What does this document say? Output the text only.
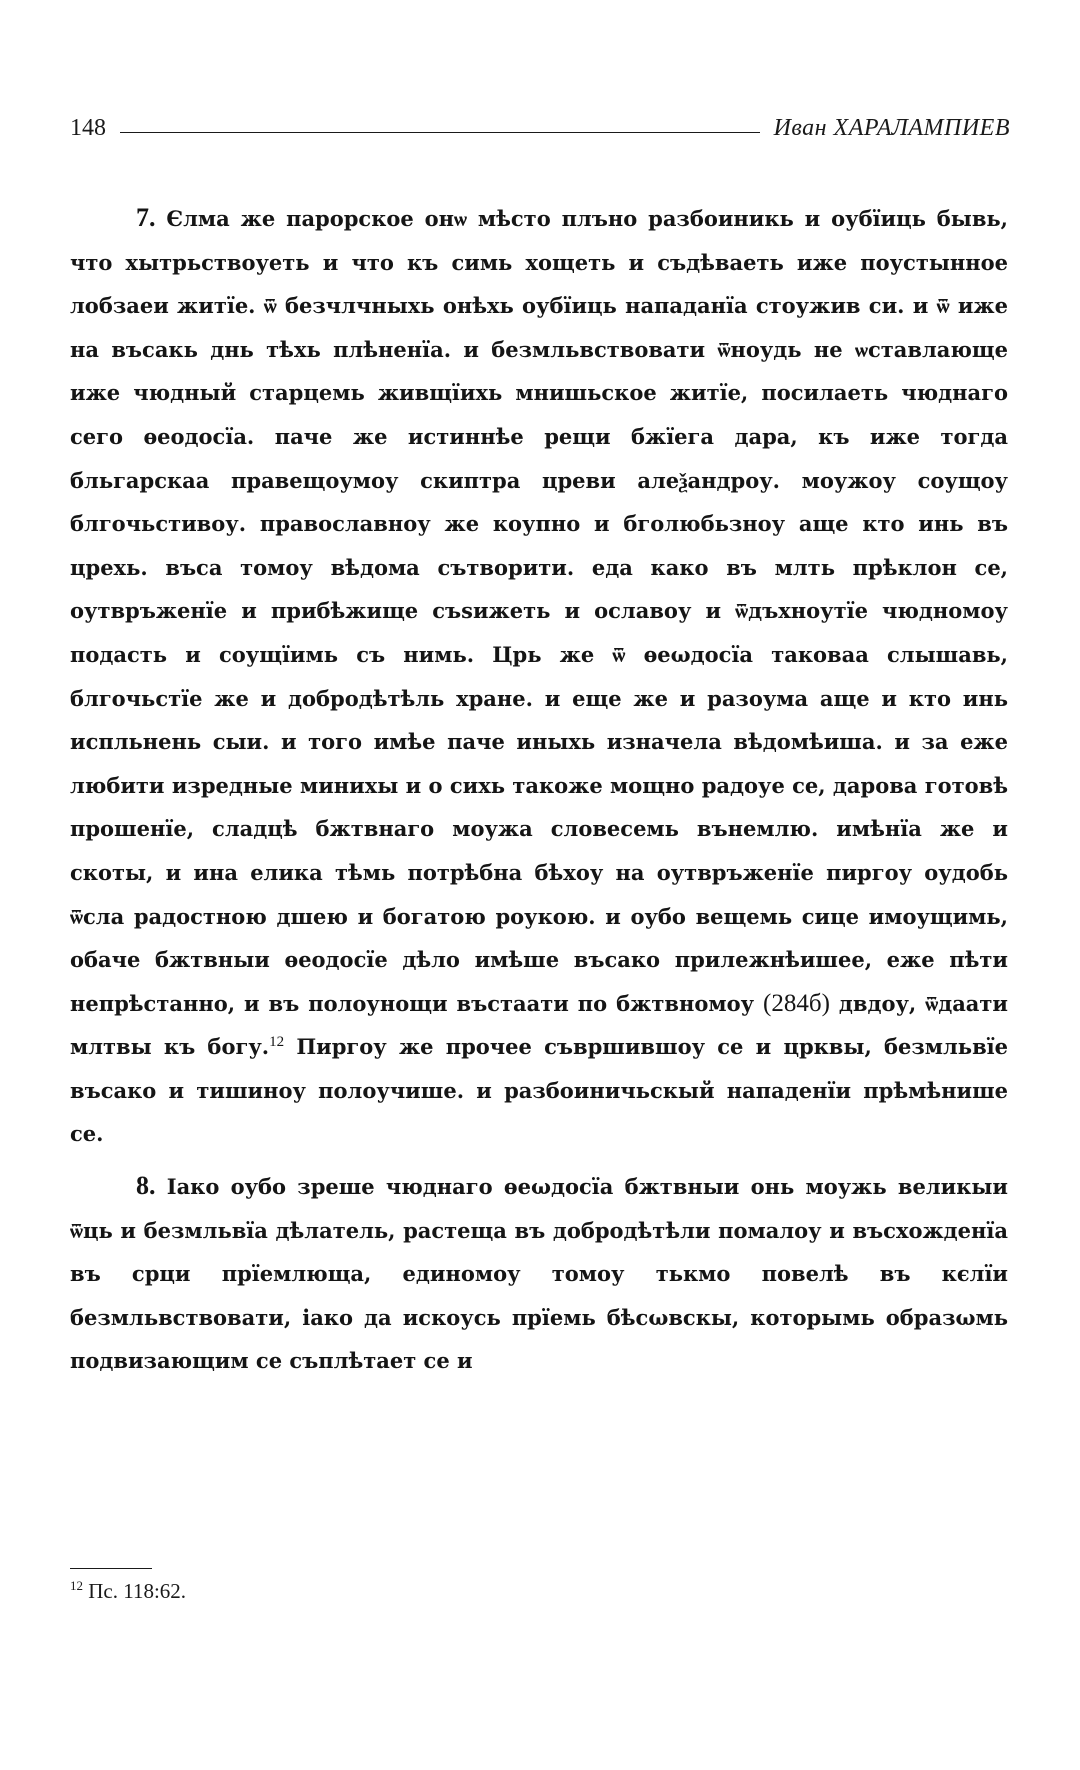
148	Иван ХАРАЛАМПИЕВ

7. Єлма же парорское онѡ мѣсто плъно разбоиникь и оубїиць бывь, что хытрьствоуеть и что къ симь хощеть и съдѣваеть иже поустынное лобзаеи житїе. ѿ безчлчныхь онѣхь оубїиць нападанїа стоужив си. и ѿ иже на въсакь днь тѣхь плѣненїа. и безмльвствовати ѿноудь не ѡставлающе иже чюдный старцемь живщїихь мнишьское житїе, посилаеть чюднаго сего ѳеодосїа. паче же истиннѣе рещи бжїега дара, къ иже тогда бльгарскаа правещоумоу скиптра цреви алеѯандроу. моужоу соущоу блгочьстивоу. православноу же коупно и бголюбьзноу аще кто инь въ црехь. въса томоу вѣдома сътворити. еда како въ млть прѣклон се, оутвръженїе и прибѣжище съѕижеть и ославоу и ѿдъхноутїе чюдномоу подасть и соущїимь съ нимь. Црь же ѿ ѳеωдосїа таковаа слышавь, блгочьстїе же и добродѣтѣль хране. и еще же и разоума аще и кто инь испльнень сыи. и того имѣе паче иныхь изначела вѣдомѣиша. и за еже любити изредные минихы и о сихь такоже мощно радоуе се, дарова готовѣ прошенїе, сладцѣ бжтвнаго моужа словесемь вънемлю. имѣнїа же и скоты, и ина елика тѣмь потрѣбна бѣхоу на оутвръженїе пиргоу оудобь ѿсла радостною дшею и богатою роукою. и оубо вещемь сице имоущимь, обаче бжтвныи ѳеодосїе дѣло имѣше въсако прилежнѣишее, еже пѣти непрѣстанно, и въ полоунощи въстаати по бжтвномоу (284б) двдоу, ѿдаати млтвы къ богу.$^{12}$ Пиргоу же прочее съвршившоу се и црквы, безмльвїе въсако и тишиноу полоучише. и разбоиничьскый нападенїи прѣмѣнише се.

8. Іако оубо зреше чюднаго ѳеωдосїа бжтвныи онь моужь великыи ѿць и безмльвїа дѣлатель, растеща въ добродѣтѣли помалоу и въсхожденїа въ срци прїемлюща, единомоу томоу тькмо повелѣ въ кєлїи безмльвствовати, іако да искоусь прїемь бѣсωвскы, которымь образωмь подвизающим се съплѣтает се и

$^{12}$ Пс. 118:62.
